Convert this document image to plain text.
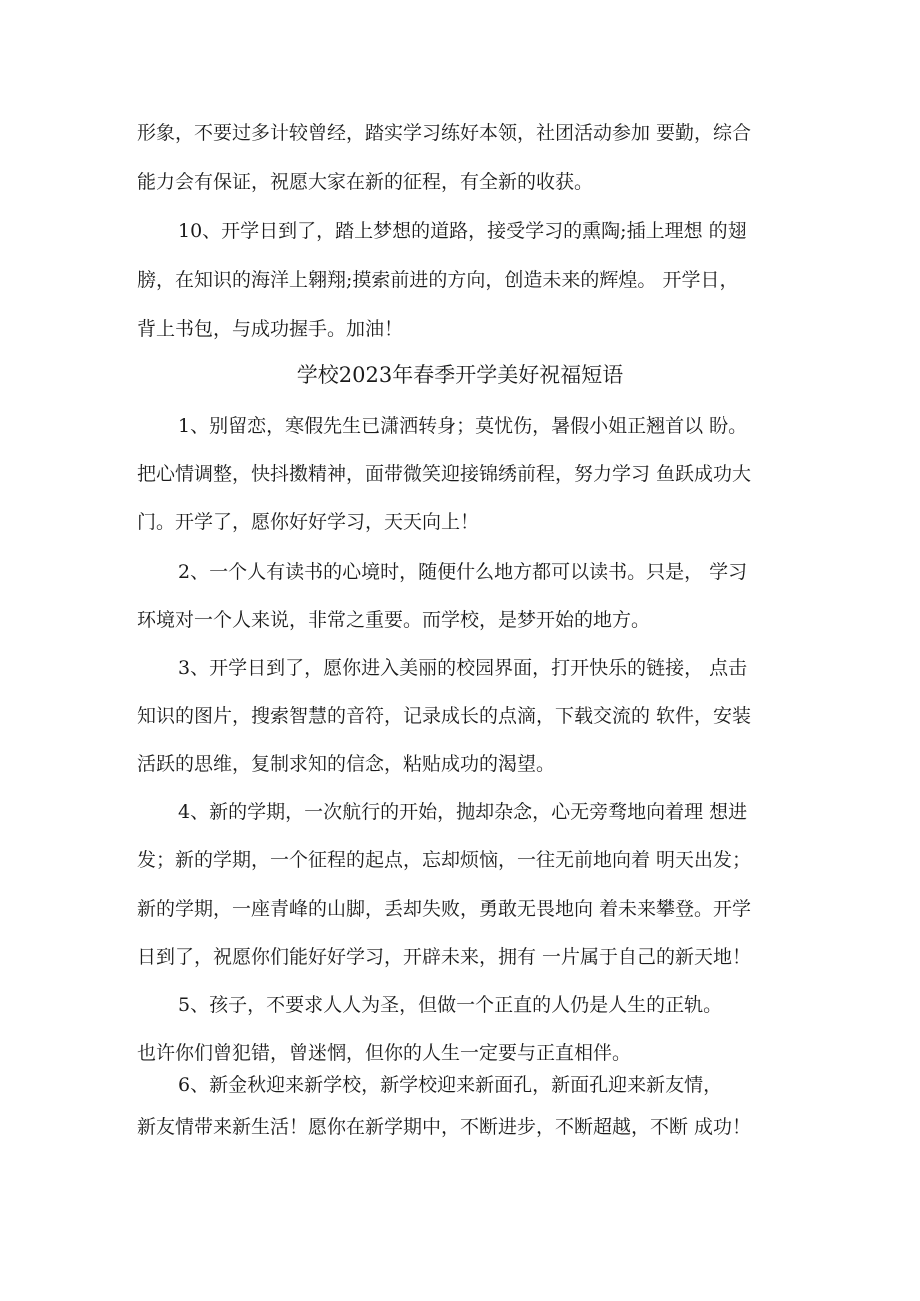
形象，不要过多计较曾经，踏实学习练好本领，社团活动参加 要勤，综合
能力会有保证，祝愿大家在新的征程，有全新的收获。
10、开学日到了，踏上梦想的道路，接受学习的熏陶;插上理想 的翅
膀，在知识的海洋上翱翔;摸索前进的方向，创造未来的辉煌。 开学日，
背上书包，与成功握手。加油！
学校2023年春季开学美好祝福短语
1、别留恋，寒假先生已潇洒转身；莫忧伤，暑假小姐正翘首以 盼。
把心情调整，快抖擞精神，面带微笑迎接锦绣前程，努力学习 鱼跃成功大
门。开学了，愿你好好学习，天天向上！
2、一个人有读书的心境时，随便什么地方都可以读书。只是， 学习
环境对一个人来说，非常之重要。而学校，是梦开始的地方。
3、开学日到了，愿你进入美丽的校园界面，打开快乐的链接， 点击
知识的图片，搜索智慧的音符，记录成长的点滴，下载交流的 软件，安装
活跃的思维，复制求知的信念，粘贴成功的渴望。
4、新的学期，一次航行的开始，抛却杂念，心无旁骛地向着理 想进
发；新的学期，一个征程的起点，忘却烦恼，一往无前地向着 明天出发；
新的学期，一座青峰的山脚，丢却失败，勇敢无畏地向 着未来攀登。开学
日到了，祝愿你们能好好学习，开辟未来，拥有 一片属于自己的新天地！
5、孩子，不要求人人为圣，但做一个正直的人仍是人生的正轨。
也许你们曾犯错，曾迷惘，但你的人生一定要与正直相伴。
6、新金秋迎来新学校，新学校迎来新面孔，新面孔迎来新友情，
新友情带来新生活！愿你在新学期中，不断进步，不断超越，不断 成功！
